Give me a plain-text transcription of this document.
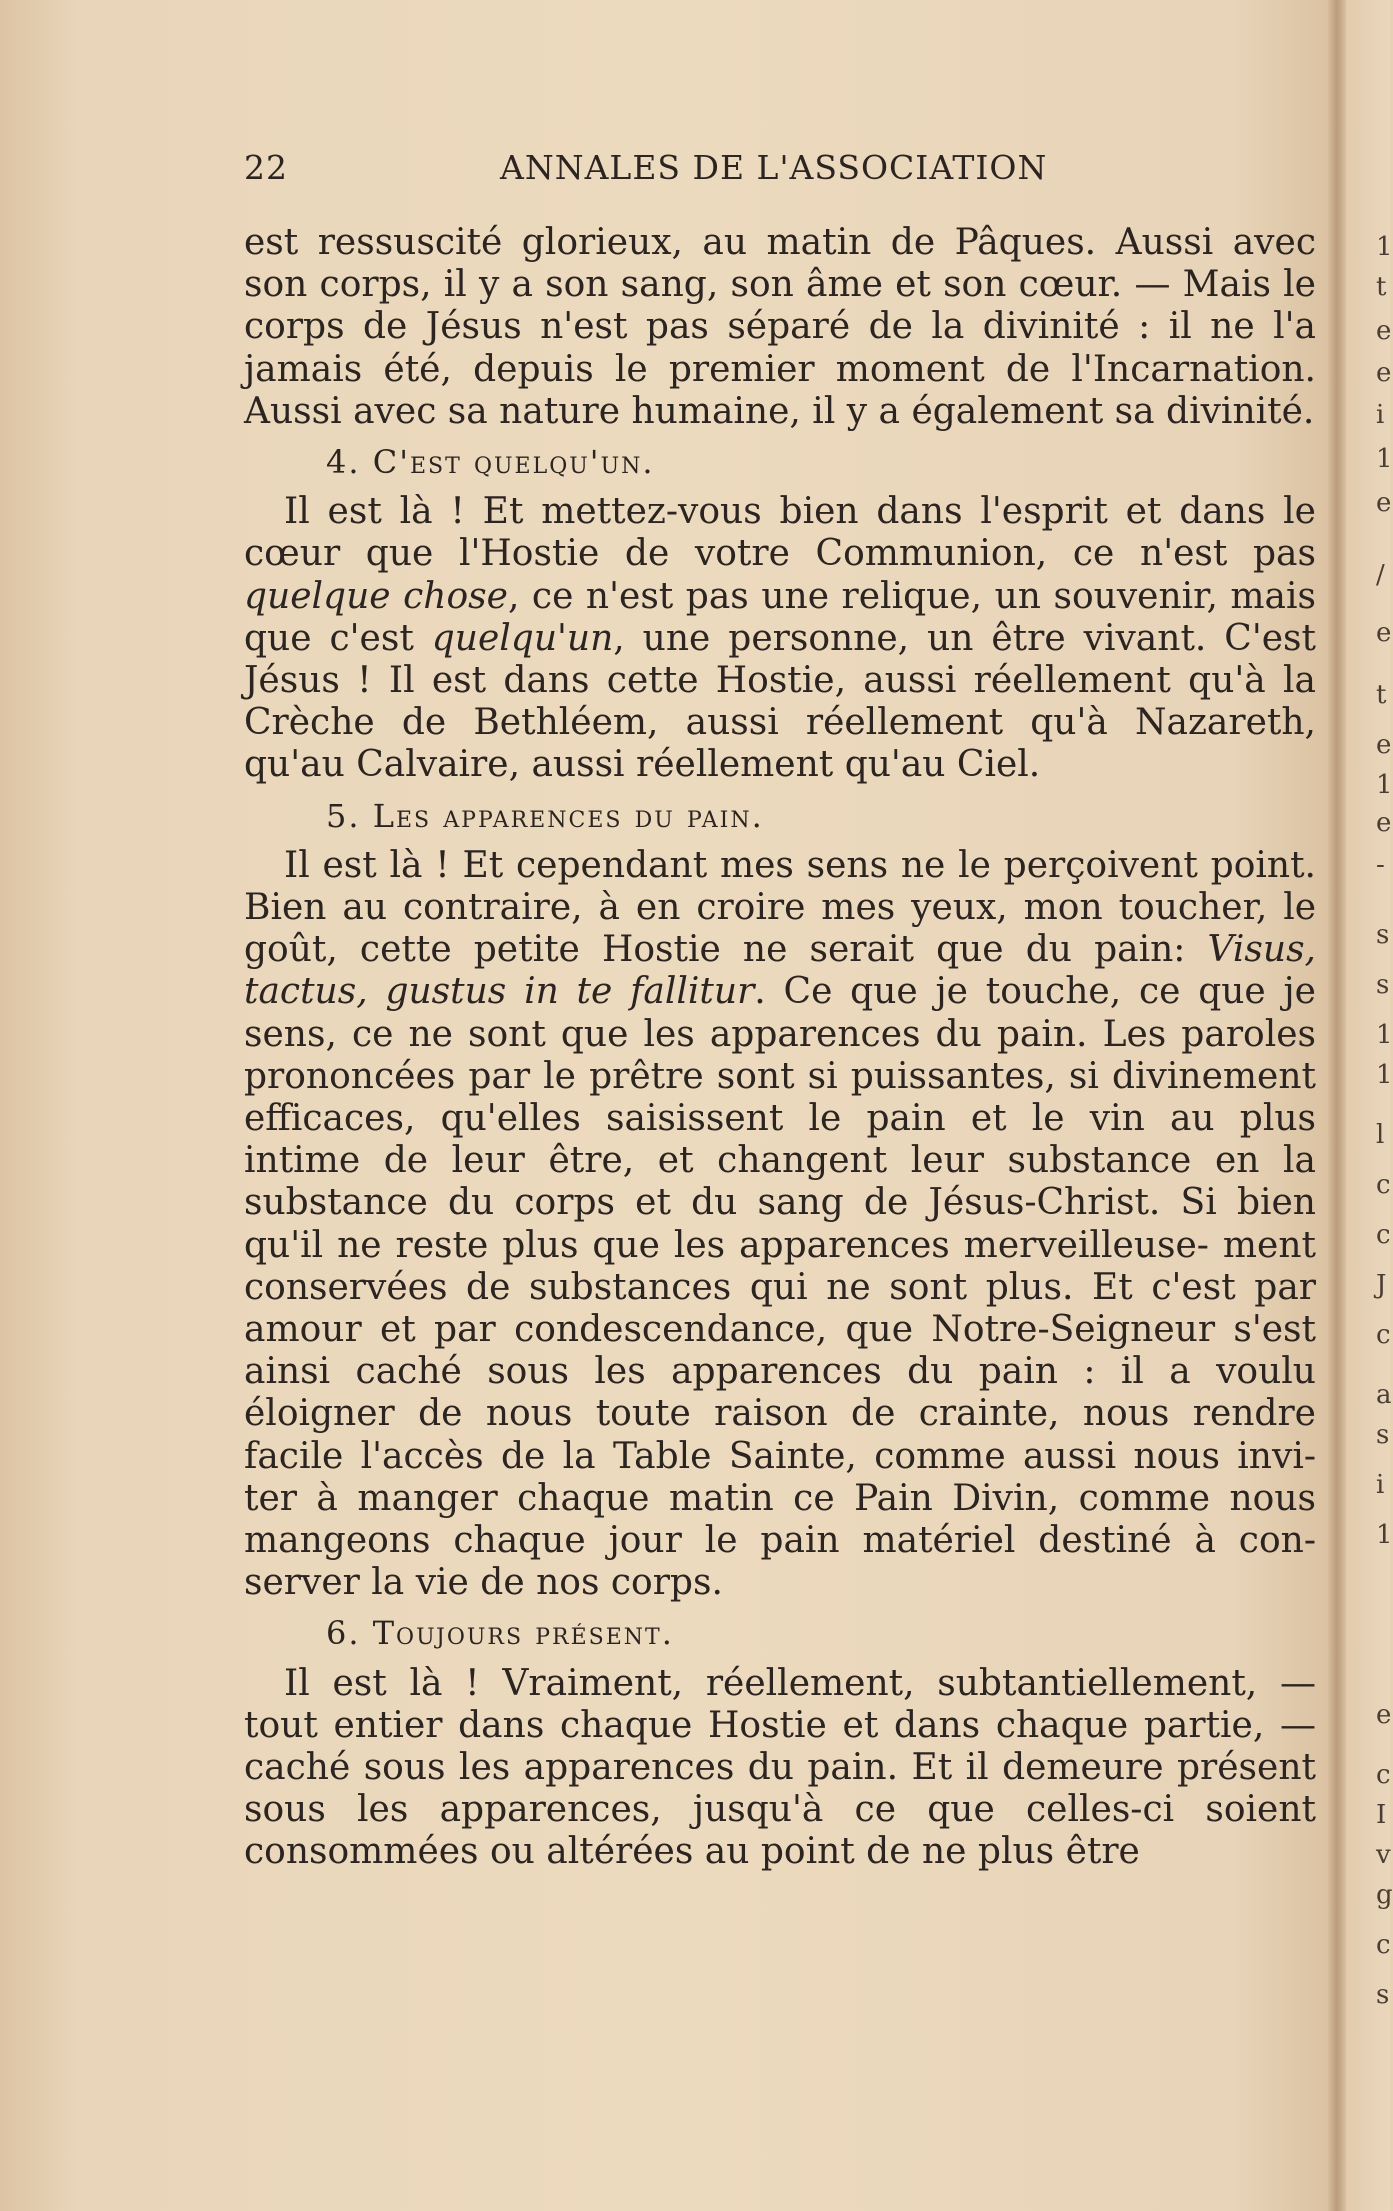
22	ANNALES DE L'ASSOCIATION

est ressuscité glorieux, au matin de Pâques. Aussi avec son corps, il y a son sang, son âme et son cœur. — Mais le corps de Jésus n'est pas séparé de la divinité : il ne l'a jamais été, depuis le premier moment de l'Incarnation. Aussi avec sa nature humaine, il y a également sa divinité.

4. C'est quelqu'un.

Il est là ! Et mettez-vous bien dans l'esprit et dans le cœur que l'Hostie de votre Communion, ce n'est pas quelque chose, ce n'est pas une relique, un souvenir, mais que c'est quelqu'un, une personne, un être vivant. C'est Jésus ! Il est dans cette Hostie, aussi réellement qu'à la Crèche de Bethléem, aussi réellement qu'à Nazareth, qu'au Calvaire, aussi réellement qu'au Ciel.

5. Les apparences du pain.

Il est là ! Et cependant mes sens ne le perçoivent point. Bien au contraire, à en croire mes yeux, mon toucher, le goût, cette petite Hostie ne serait que du pain: Visus, tactus, gustus in te fallitur. Ce que je touche, ce que je sens, ce ne sont que les apparences du pain. Les paroles prononcées par le prêtre sont si puissantes, si divinement efficaces, qu'elles saisissent le pain et le vin au plus intime de leur être, et changent leur substance en la substance du corps et du sang de Jésus-Christ. Si bien qu'il ne reste plus que les apparences merveilleuse- ment conservées de substances qui ne sont plus. Et c'est par amour et par condescendance, que Notre-Seigneur s'est ainsi caché sous les apparences du pain : il a voulu éloigner de nous toute raison de crainte, nous rendre facile l'accès de la Table Sainte, comme aussi nous invi- ter à manger chaque matin ce Pain Divin, comme nous mangeons chaque jour le pain matériel destiné à con- server la vie de nos corps.

6. Toujours présent.

Il est là ! Vraiment, réellement, subtantiellement, — tout entier dans chaque Hostie et dans chaque partie, — caché sous les apparences du pain. Et il demeure présent sous les apparences, jusqu'à ce que celles-ci soient consommées ou altérées au point de ne plus être

1
t
e
e
i
1
e
/
e
t
e
1
e
-
s
s
1
1
l
c
c
J
c
a
s
i
1
e
c
I
v
g
c
s
